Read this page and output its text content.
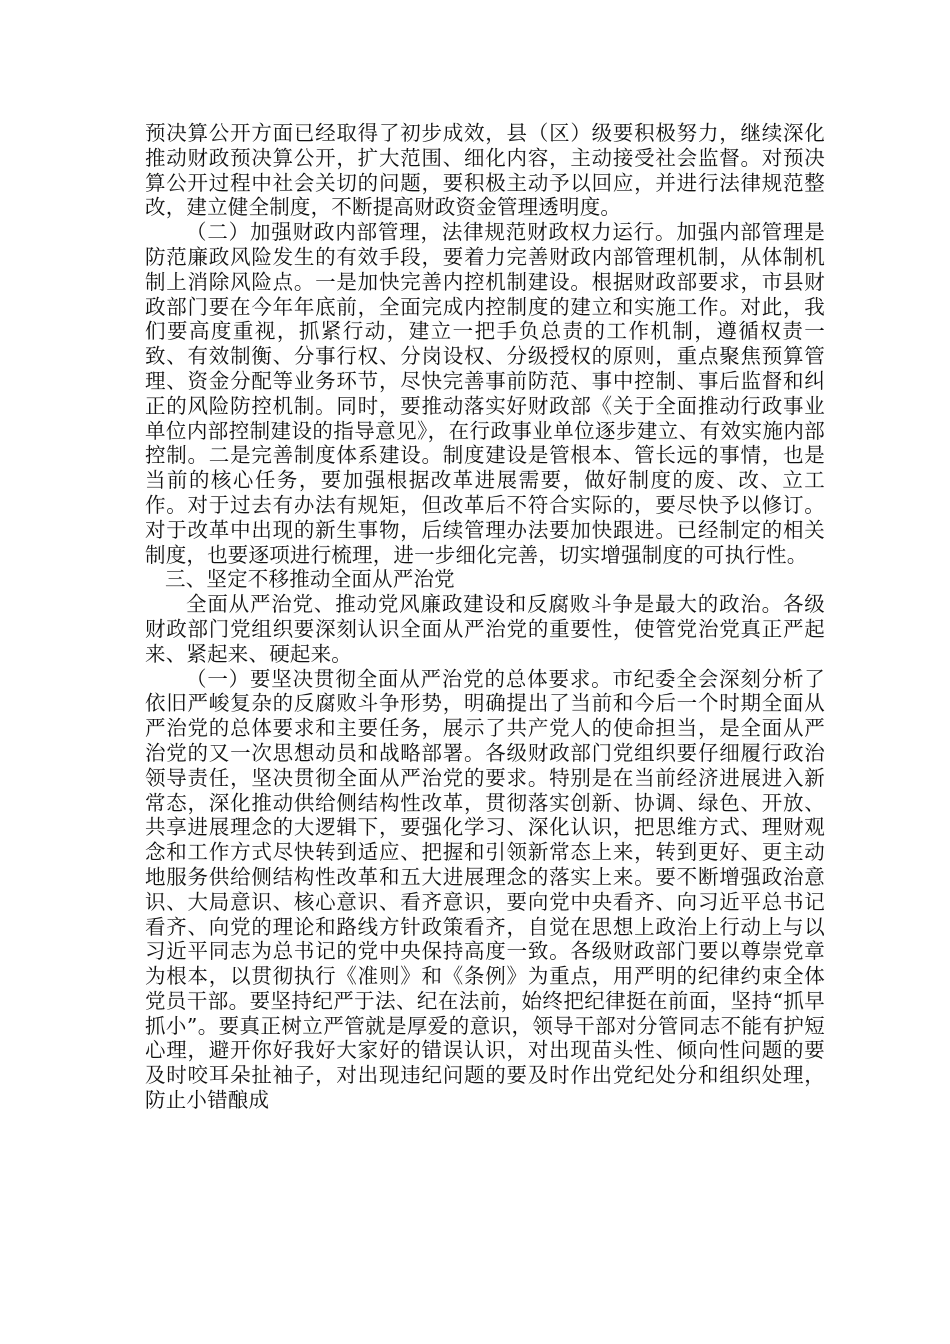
预决算公开方面已经取得了初步成效，县（区）级要积极努力，继续深化推动财政预决算公开，扩大范围、细化内容，主动接受社会监督。对预决算公开过程中社会关切的问题，要积极主动予以回应，并进行法律规范整改，建立健全制度，不断提高财政资金管理透明度。

（二）加强财政内部管理，法律规范财政权力运行。加强内部管理是防范廉政风险发生的有效手段，要着力完善财政内部管理机制，从体制机制上消除风险点。一是加快完善内控机制建设。根据财政部要求，市县财政部门要在今年年底前，全面完成内控制度的建立和实施工作。对此，我们要高度重视，抓紧行动，建立一把手负总责的工作机制，遵循权责一致、有效制衡、分事行权、分岗设权、分级授权的原则，重点聚焦预算管理、资金分配等业务环节，尽快完善事前防范、事中控制、事后监督和纠正的风险防控机制。同时，要推动落实好财政部《关于全面推动行政事业单位内部控制建设的指导意见》，在行政事业单位逐步建立、有效实施内部控制。二是完善制度体系建设。制度建设是管根本、管长远的事情，也是当前的核心任务，要加强根据改革进展需要，做好制度的废、改、立工作。对于过去有办法有规矩，但改革后不符合实际的，要尽快予以修订。对于改革中出现的新生事物，后续管理办法要加快跟进。已经制定的相关制度，也要逐项进行梳理，进一步细化完善，切实增强制度的可执行性。

三、坚定不移推动全面从严治党

全面从严治党、推动党风廉政建设和反腐败斗争是最大的政治。各级财政部门党组织要深刻认识全面从严治党的重要性，使管党治党真正严起来、紧起来、硬起来。

（一）要坚决贯彻全面从严治党的总体要求。市纪委全会深刻分析了依旧严峻复杂的反腐败斗争形势，明确提出了当前和今后一个时期全面从严治党的总体要求和主要任务，展示了共产党人的使命担当，是全面从严治党的又一次思想动员和战略部署。各级财政部门党组织要仔细履行政治领导责任，坚决贯彻全面从严治党的要求。特别是在当前经济进展进入新常态，深化推动供给侧结构性改革，贯彻落实创新、协调、绿色、开放、共享进展理念的大逻辑下，要强化学习、深化认识，把思维方式、理财观念和工作方式尽快转到适应、把握和引领新常态上来，转到更好、更主动地服务供给侧结构性改革和五大进展理念的落实上来。要不断增强政治意识、大局意识、核心意识、看齐意识，要向党中央看齐、向习近平总书记看齐、向党的理论和路线方针政策看齐，自觉在思想上政治上行动上与以习近平同志为总书记的党中央保持高度一致。各级财政部门要以尊崇党章为根本，以贯彻执行《准则》和《条例》为重点，用严明的纪律约束全体党员干部。要坚持纪严于法、纪在法前，始终把纪律挺在前面，坚持“抓早抓小”。要真正树立严管就是厚爱的意识，领导干部对分管同志不能有护短心理，避开你好我好大家好的错误认识，对出现苗头性、倾向性问题的要及时咬耳朵扯袖子，对出现违纪问题的要及时作出党纪处分和组织处理，防止小错酿成
